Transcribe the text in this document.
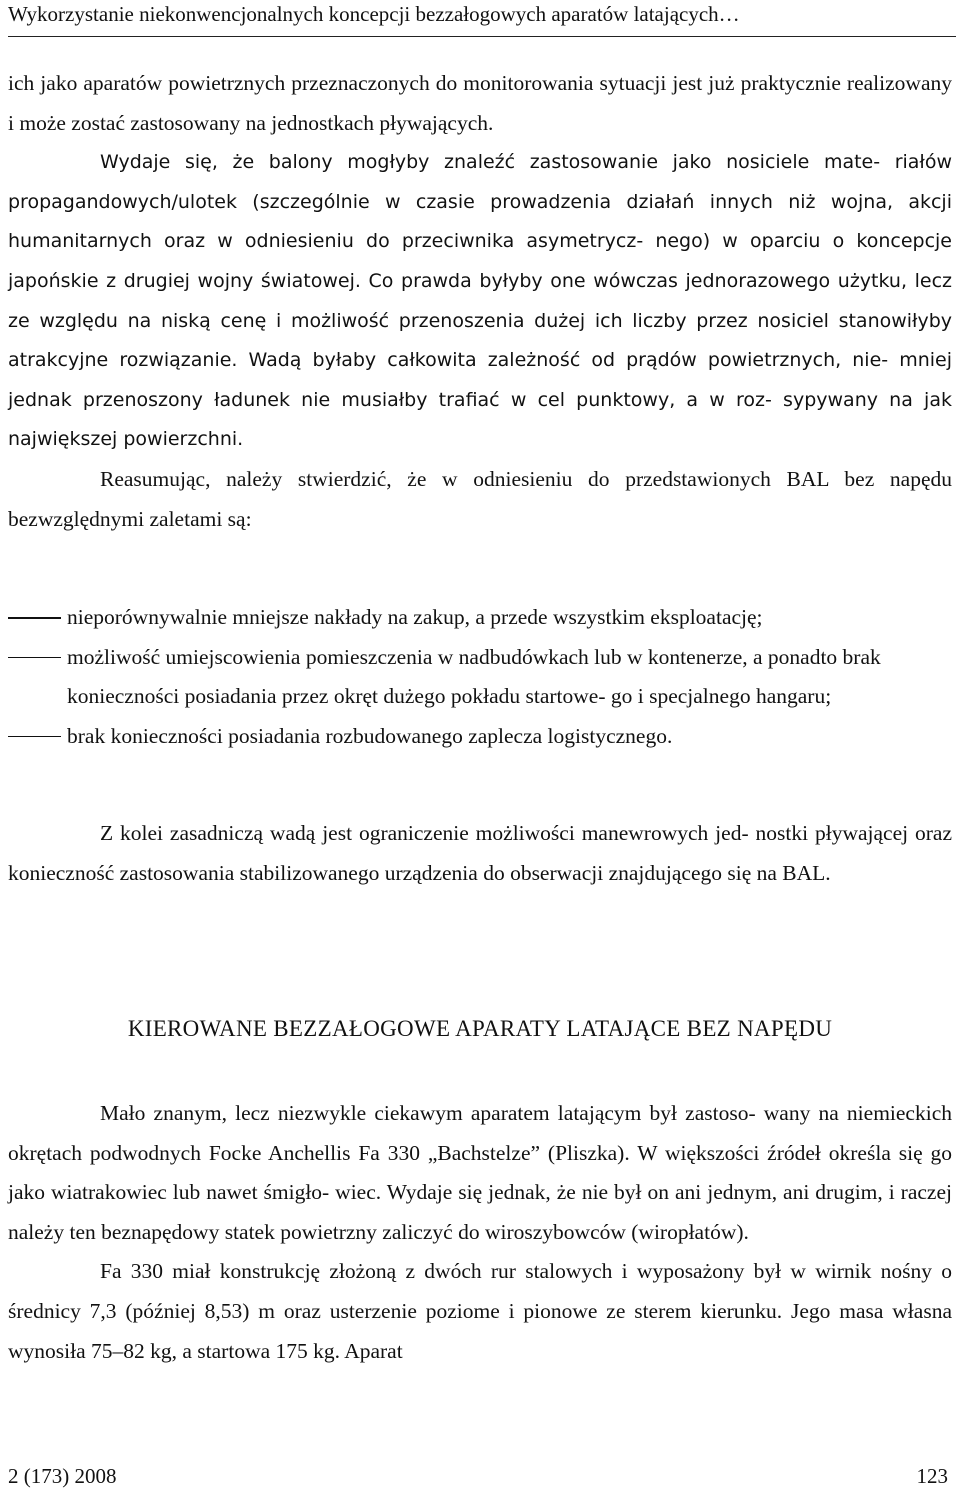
Wykorzystanie niekonwencjonalnych koncepcji bezzałogowych aparatów latających…

ich jako aparatów powietrznych przeznaczonych do monitorowania sytuacji jest już praktycznie realizowany i może zostać zastosowany na jednostkach pływających.

Wydaje się, że balony mogłyby znaleźć zastosowanie jako nosiciele mate- riałów propagandowych/ulotek (szczególnie w czasie prowadzenia działań innych niż wojna, akcji humanitarnych oraz w odniesieniu do przeciwnika asymetrycz- nego) w oparciu o koncepcje japońskie z drugiej wojny światowej. Co prawda byłyby one wówczas jednorazowego użytku, lecz ze względu na niską cenę i możliwość przenoszenia dużej ich liczby przez nosiciel stanowiłyby atrakcyjne rozwiązanie. Wadą byłaby całkowita zależność od prądów powietrznych, nie- mniej jednak przenoszony ładunek nie musiałby trafiać w cel punktowy, a w roz- sypywany na jak największej powierzchni.

Reasumując, należy stwierdzić, że w odniesieniu do przedstawionych BAL bez napędu bezwzględnymi zaletami są:

nieporównywalnie mniejsze nakłady na zakup, a przede wszystkim eksploatację;
możliwość umiejscowienia pomieszczenia w nadbudówkach lub w kontenerze, a ponadto brak konieczności posiadania przez okręt dużego pokładu startowe- go i specjalnego hangaru;
brak konieczności posiadania rozbudowanego zaplecza logistycznego.

Z kolei zasadniczą wadą jest ograniczenie możliwości manewrowych jed- nostki pływającej oraz konieczność zastosowania stabilizowanego urządzenia do obserwacji znajdującego się na BAL.

KIEROWANE BEZZAŁOGOWE APARATY LATAJĄCE BEZ NAPĘDU

Mało znanym, lecz niezwykle ciekawym aparatem latającym był zastoso- wany na niemieckich okrętach podwodnych Focke Anchellis Fa 330 „Bachstelze” (Pliszka). W większości źródeł określa się go jako wiatrakowiec lub nawet śmigło- wiec. Wydaje się jednak, że nie był on ani jednym, ani drugim, i raczej należy ten beznapędowy statek powietrzny zaliczyć do wiroszybowców (wiropłatów).

Fa 330 miał konstrukcję złożoną z dwóch rur stalowych i wyposażony był w wirnik nośny o średnicy 7,3 (później 8,53) m oraz usterzenie poziome i pionowe ze sterem kierunku. Jego masa własna wynosiła 75–82 kg, a startowa 175 kg. Aparat

2 (173) 2008	123
